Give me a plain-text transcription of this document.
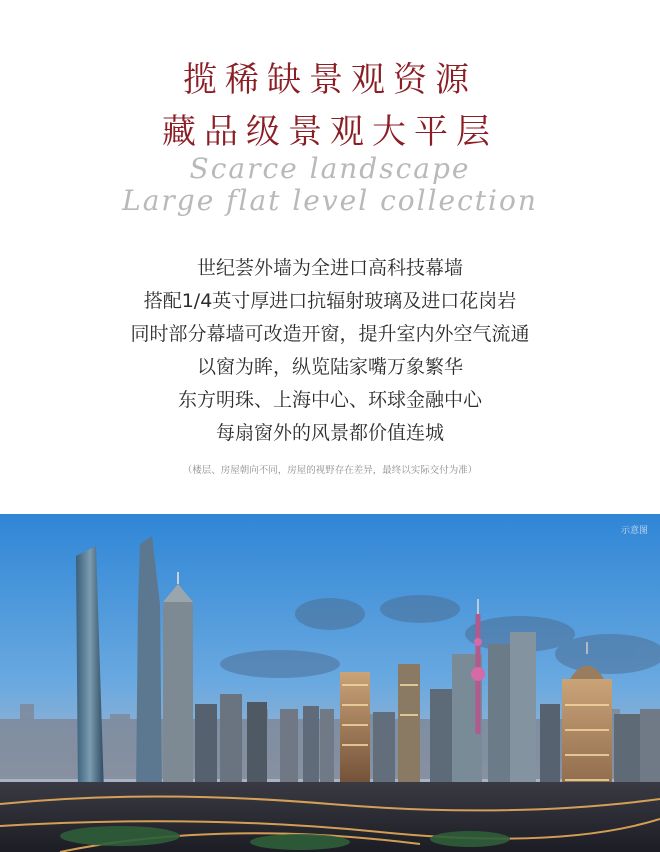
揽稀缺景观资源
藏品级景观大平层
Scarce landscape
Large flat level collection
世纪荟外墙为全进口高科技幕墙
搭配1/4英寸厚进口抗辐射玻璃及进口花岗岩
同时部分幕墙可改造开窗，提升室内外空气流通
以窗为眸，纵览陆家嘴万象繁华
东方明珠、上海中心、环球金融中心
每扇窗外的风景都价值连城
（楼层、房屋朝向不同，房屋的视野存在差异，最终以实际交付为准）
示意图
